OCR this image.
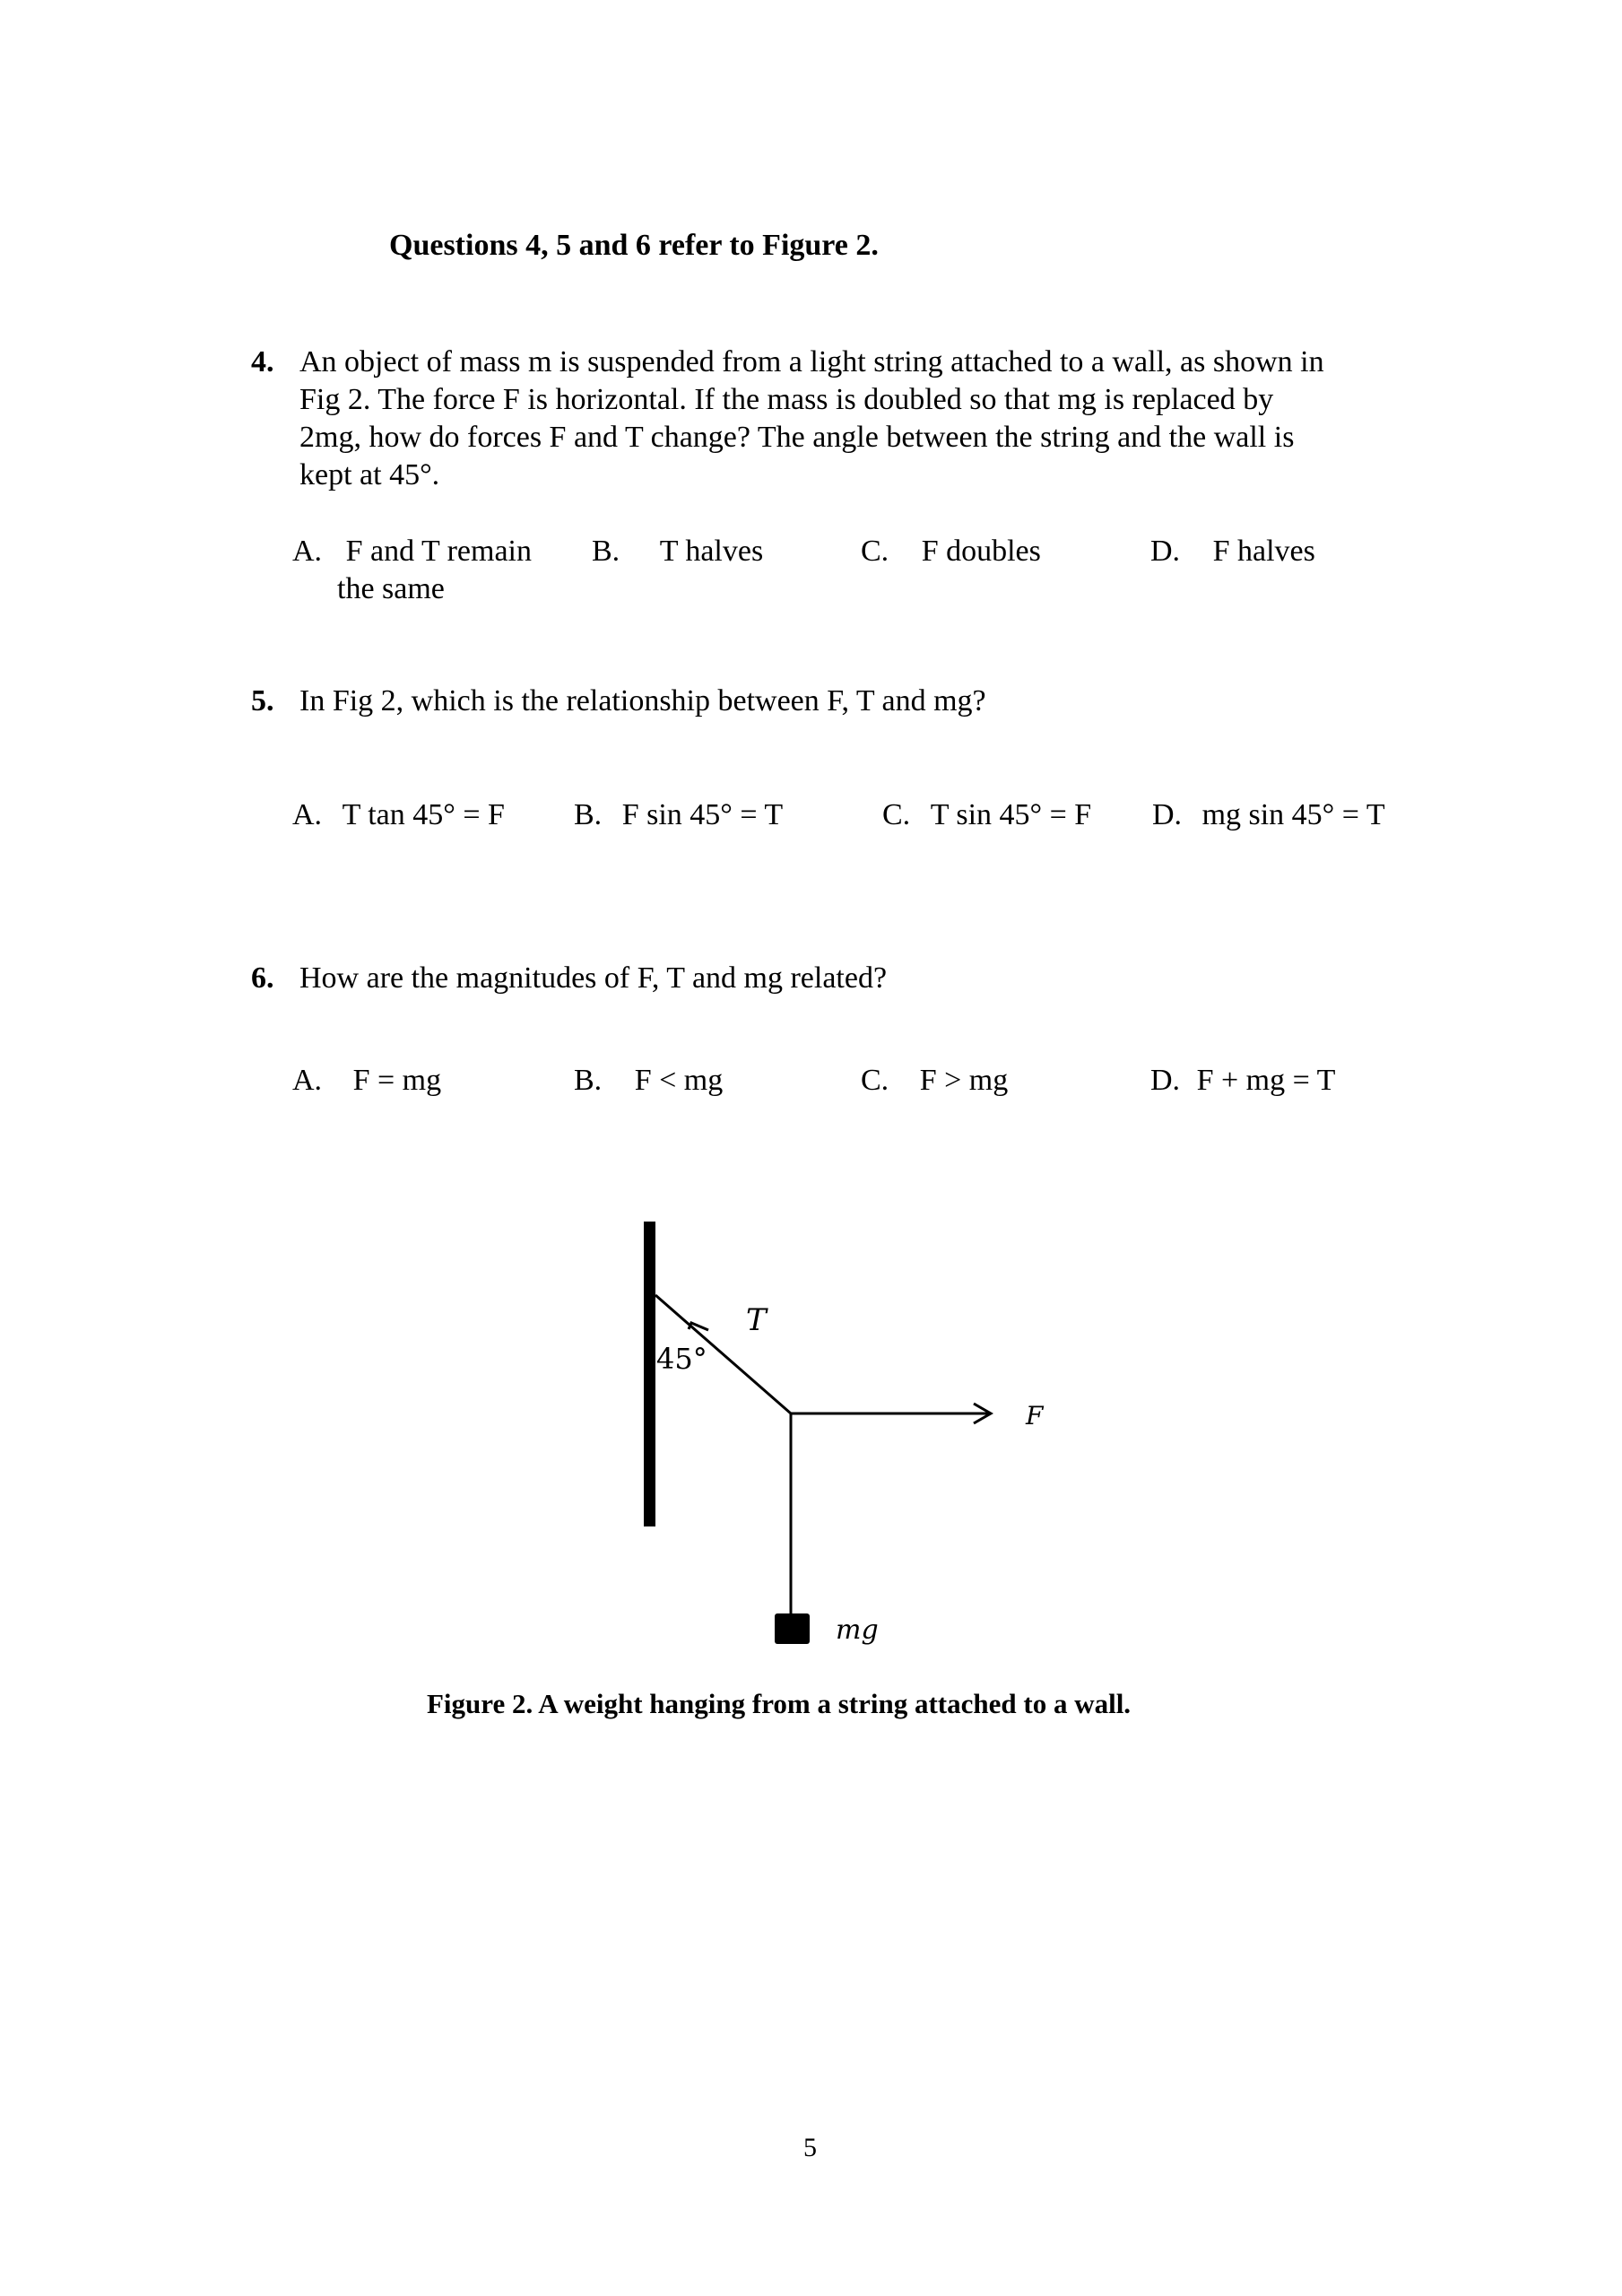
Questions 4, 5 and 6 refer to Figure 2.
4. An object of mass m is suspended from a light string attached to a wall, as shown in
Fig 2. The force F is horizontal. If the mass is doubled so that mg is replaced by
2mg, how do forces F and T change? The angle between the string and the wall is
kept at 45°.
A. F and T remain
the same
B. T halves	C. F doubles	D. F halves
5. In Fig 2, which is the relationship between F, T and mg?
A. T tan 45° = F B. F sin 45° = T	C. T sin 45° = F D. mg sin 45° = T
6. How are the magnitudes of F, T and mg related?
A. F = mg	B. F < mg	C. F > mg	D. F + mg = T
T
45°
F
mg
Figure 2. A weight hanging from a string attached to a wall.
5
